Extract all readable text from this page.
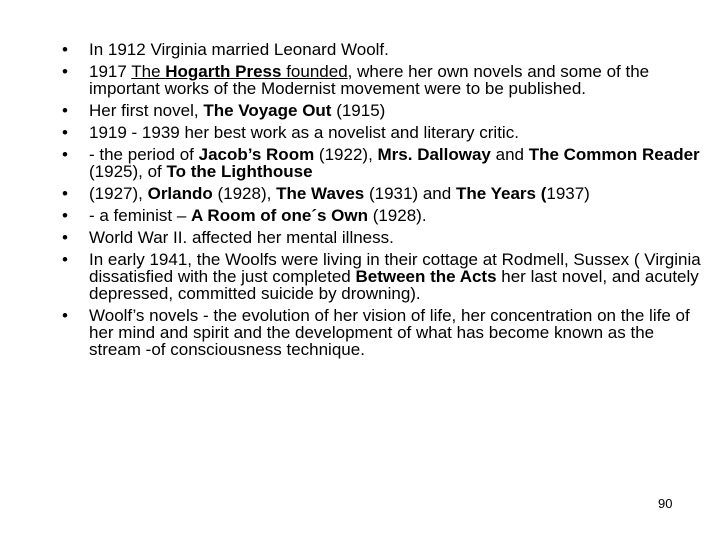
•	In 1912 Virginia married Leonard Woolf.
•	1917 The Hogarth Press founded, where her own novels and some of the important works of the Modernist movement were to be published.
•	Her first novel, The Voyage Out (1915)
•	1919 - 1939 her best work as a novelist and literary critic.
•	- the period of Jacob’s Room (1922), Mrs. Dalloway and The Common Reader (1925), of To the Lighthouse
•	(1927), Orlando (1928), The Waves (1931) and The Years (1937)
•	- a feminist – A Room of one´s Own (1928).
•	World War II. affected her mental illness.
•	In early 1941, the Woolfs were living in their cottage at Rodmell, Sussex ( Virginia dissatisfied with the just completed Between the Acts her last novel, and acutely depressed, committed suicide by drowning).
•	Woolf’s novels - the evolution of her vision of life, her concentration on the life of her mind and spirit and the development of what has become known as the stream -of consciousness technique.
90
